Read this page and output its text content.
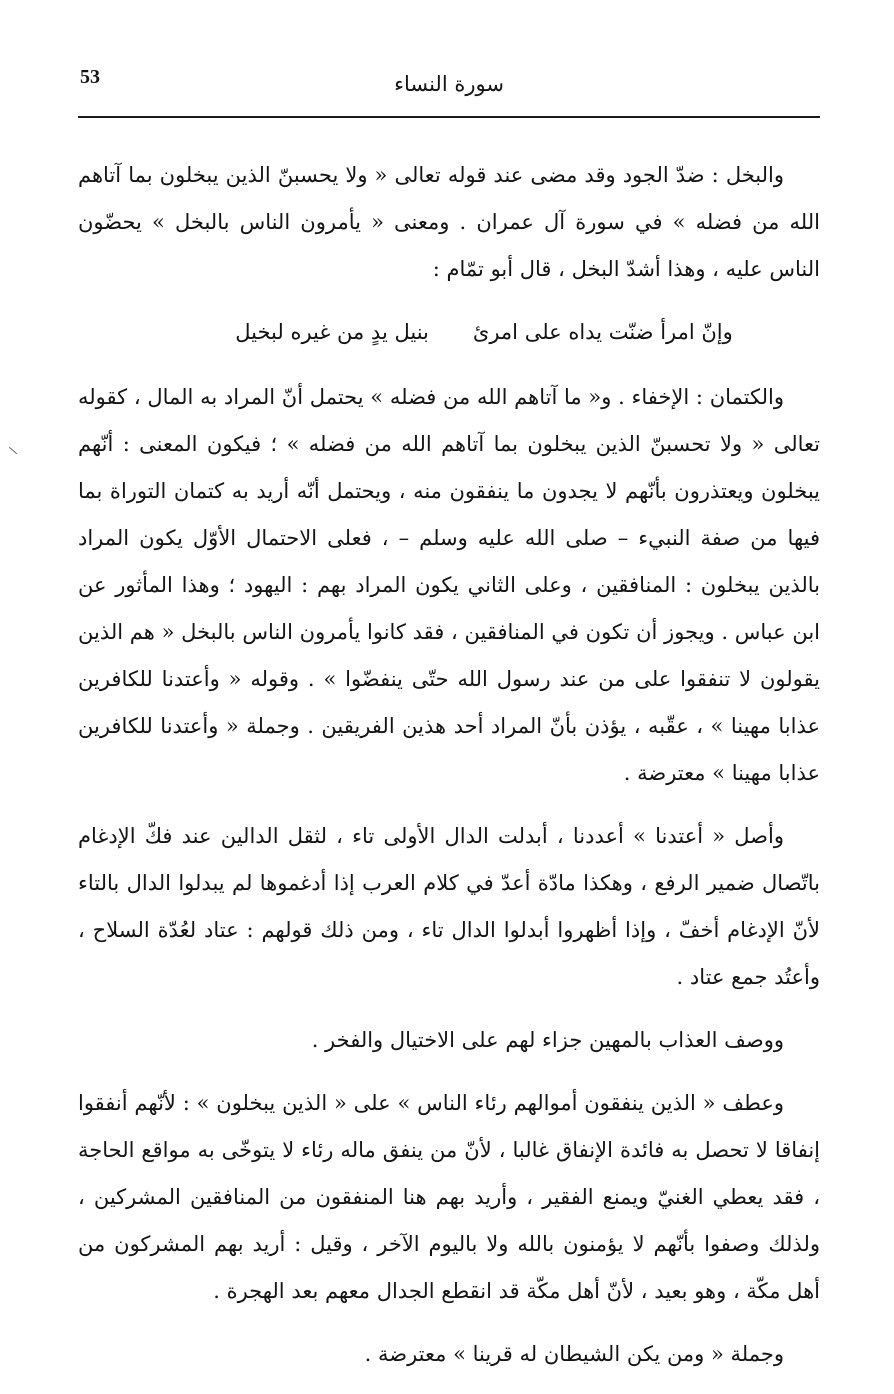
53	سورة النساء

والبخل : ضدّ الجود وقد مضى عند قوله تعالى « ولا يحسبنّ الذين يبخلون بما آتاهم الله من فضله » في سورة آل عمران . ومعنى « يأمرون الناس بالبخل » يحضّون الناس عليه ، وهذا أشدّ البخل ، قال أبو تمّام :

وإنّ امرأ ضنّت يداه على امرئ
بنيل يدٍ من غيره لبخيل

والكتمان : الإخفاء . و« ما آتاهم الله من فضله » يحتمل أنّ المراد به المال ، كقوله تعالى « ولا تحسبنّ الذين يبخلون بما آتاهم الله من فضله » ؛ فيكون المعنى : أنّهم يبخلون ويعتذرون بأنّهم لا يجدون ما ينفقون منه ، ويحتمل أنّه أريد به كتمان التوراة بما فيها من صفة النبيء – صلى الله عليه وسلم – ، فعلى الاحتمال الأوّل يكون المراد بالذين يبخلون : المنافقين ، وعلى الثاني يكون المراد بهم : اليهود ؛ وهذا المأثور عن ابن عباس . ويجوز أن تكون في المنافقين ، فقد كانوا يأمرون الناس بالبخل « هم الذين يقولون لا تنفقوا على من عند رسول الله حتّى ينفضّوا » . وقوله « وأعتدنا للكافرين عذابا مهينا » ، عقّبه ، يؤذن بأنّ المراد أحد هذين الفريقين . وجملة « وأعتدنا للكافرين عذابا مهينا » معترضة .

وأصل « أعتدنا » أعددنا ، أبدلت الدال الأولى تاء ، لثقل الدالين عند فكّ الإدغام باتّصال ضمير الرفع ، وهكذا مادّة أعدّ في كلام العرب إذا أدغموها لم يبدلوا الدال بالتاء لأنّ الإدغام أخفّ ، وإذا أظهروا أبدلوا الدال تاء ، ومن ذلك قولهم : عتاد لعُدّة السلاح ، وأعتُد جمع عتاد .

ووصف العذاب بالمهين جزاء لهم على الاختيال والفخر .

وعطف « الذين ينفقون أموالهم رئاء الناس » على « الذين يبخلون » : لأنّهم أنفقوا إنفاقا لا تحصل به فائدة الإنفاق غالبا ، لأنّ من ينفق ماله رئاء لا يتوخّى به مواقع الحاجة ، فقد يعطي الغنيّ ويمنع الفقير ، وأريد بهم هنا المنفقون من المنافقين المشركين ، ولذلك وصفوا بأنّهم لا يؤمنون بالله ولا باليوم الآخر ، وقيل : أريد بهم المشركون من أهل مكّة ، وهو بعيد ، لأنّ أهل مكّة قد انقطع الجدال معهم بعد الهجرة .

وجملة « ومن يكن الشيطان له قرينا » معترضة .
